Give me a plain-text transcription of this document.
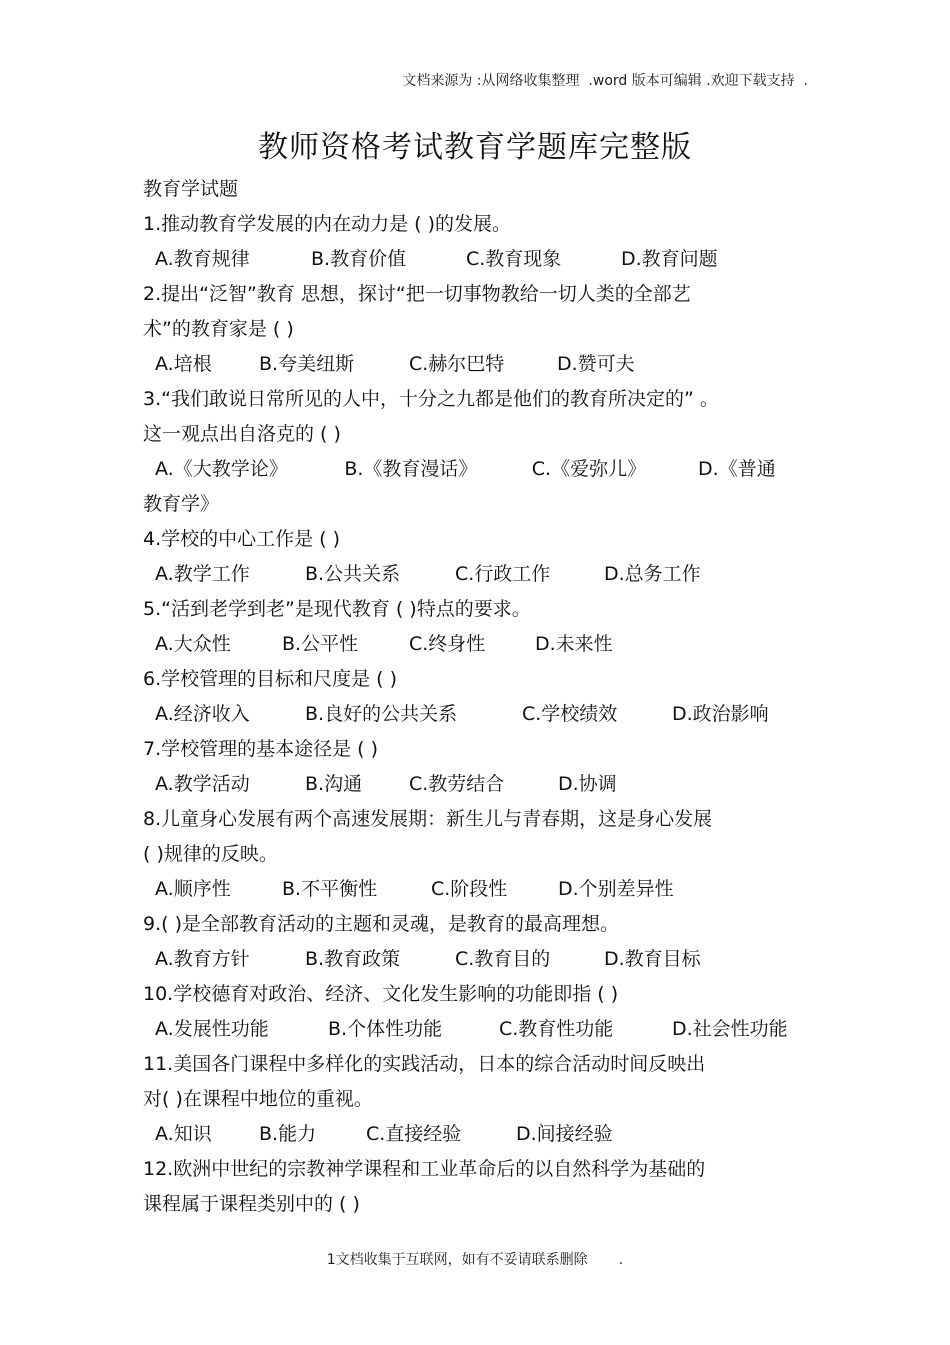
文档来源为 :从网络收集整理  .word 版本可编辑 .欢迎下载支持  .
教师资格考试教育学题库完整版
教育学试题
1.推动教育学发展的内在动力是 ( )的发展。
A.教育规律	B.教育价值	C.教育现象	D.教育问题
2.提出“泛智”教育 思想，探讨“把一切事物教给一切人类的全部艺
术”的教育家是 ( )
A.培根	B.夸美纽斯	C.赫尔巴特	D.赞可夫
3.“我们敢说日常所见的人中，十分之九都是他们的教育所决定的” 。
这一观点出自洛克的 ( )
A.《大教学论》	B.《教育漫话》	C.《爱弥儿》	D.《普通
教育学》
4.学校的中心工作是 ( )
A.教学工作	B.公共关系	C.行政工作	D.总务工作
5.“活到老学到老”是现代教育 ( )特点的要求。
A.大众性	B.公平性	C.终身性	D.未来性
6.学校管理的目标和尺度是 ( )
A.经济收入	B.良好的公共关系	C.学校绩效	D.政治影响
7.学校管理的基本途径是 ( )
A.教学活动	B.沟通	C.教劳结合	D.协调
8.儿童身心发展有两个高速发展期：新生儿与青春期，这是身心发展
( )规律的反映。
A.顺序性	B.不平衡性	C.阶段性	D.个别差异性
9.( )是全部教育活动的主题和灵魂，是教育的最高理想。
A.教育方针	B.教育政策	C.教育目的	D.教育目标
10.学校德育对政治、经济、文化发生影响的功能即指 ( )
A.发展性功能	B.个体性功能	C.教育性功能	D.社会性功能
11.美国各门课程中多样化的实践活动，日本的综合活动时间反映出
对( )在课程中地位的重视。
A.知识	B.能力	C.直接经验	D.间接经验
12.欧洲中世纪的宗教神学课程和工业革命后的以自然科学为基础的
课程属于课程类别中的 ( )
1文档收集于互联网，如有不妥请联系删除       .
